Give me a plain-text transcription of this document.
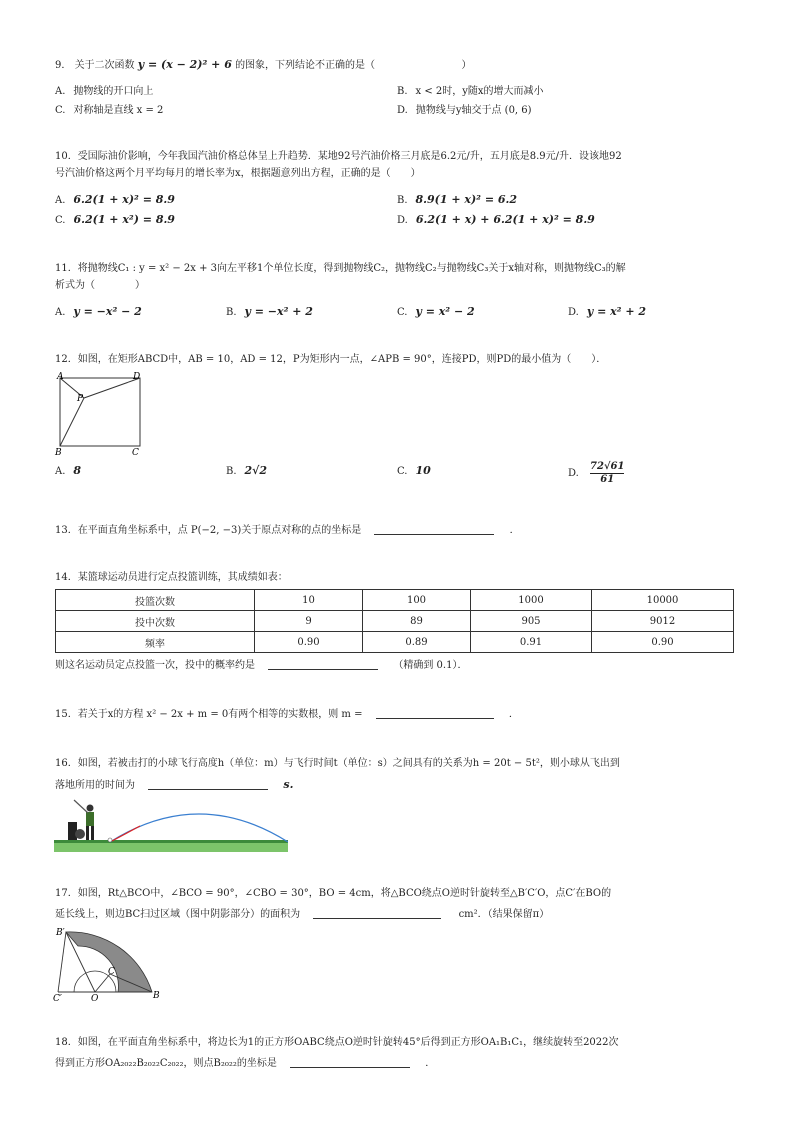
9． 关于二次函数 y = (x − 2)² + 6 的图象，下列结论不正确的是（	）
A. 抛物线的开口向上	B. x < 2时，y随x的增大而减小
C. 对称轴是直线 x = 2	D. 抛物线与y轴交于点 (0, 6)
10．受国际油价影响，今年我国汽油价格总体呈上升趋势．某地92号汽油价格三月底是6.2元/升，五月底是8.9元/升．设该地92
号汽油价格这两个月平均每月的增长率为x，根据题意列出方程，正确的是（　　）
A. 6.2(1 + x)² = 8.9	B. 8.9(1 + x)² = 6.2
C. 6.2(1 + x²) = 8.9	D. 6.2(1 + x) + 6.2(1 + x)² = 8.9
11．将抛物线C₁ : y = x² − 2x + 3向左平移1个单位长度，得到抛物线C₂，抛物线C₂与抛物线C₃关于x轴对称，则抛物线C₃的解
析式为（　　　　）
A. y = −x² − 2	B. y = −x² + 2	C. y = x² − 2	D. y = x² + 2
12．如图，在矩形ABCD中，AB = 10，AD = 12，P为矩形内一点，∠APB = 90°，连接PD，则PD的最小值为（　　）．
A	D
P
B	C
A. 8	B. 2√2	C. 10	D. $\frac{72√61}{61}$
13．在平面直角坐标系中，点 P(−2, −3)关于原点对称的点的坐标是	．
14．某篮球运动员进行定点投篮训练，其成绩如表：
投篮次数	10	100	1000	10000
投中次数	9	89	905	9012
频率	0.90	0.89	0.91	0.90
则这名运动员定点投篮一次，投中的概率约是	（精确到 0.1）．
15．若关于x的方程 x² − 2x + m = 0有两个相等的实数根，则 m =	．
16．如图，若被击打的小球飞行高度h（单位：m）与飞行时间t（单位：s）之间具有的关系为h = 20t − 5t²，则小球从飞出到
落地所用的时间为	s.
17．如图，Rt△BCO中，∠BCO = 90°，∠CBO = 30°，BO = 4cm，将△BCO绕点O逆时针旋转至△B′C′O，点C′在BO的
延长线上，则边BC扫过区域（图中阴影部分）的面积为	cm²．（结果保留π）
B′
C′	O
C
B
18．如图，在平面直角坐标系中，将边长为1的正方形OABC绕点O逆时针旋转45°后得到正方形OA₁B₁C₁，继续旋转至2022次
得到正方形OA₂₀₂₂B₂₀₂₂C₂₀₂₂，则点B₂₀₂₂的坐标是	．
